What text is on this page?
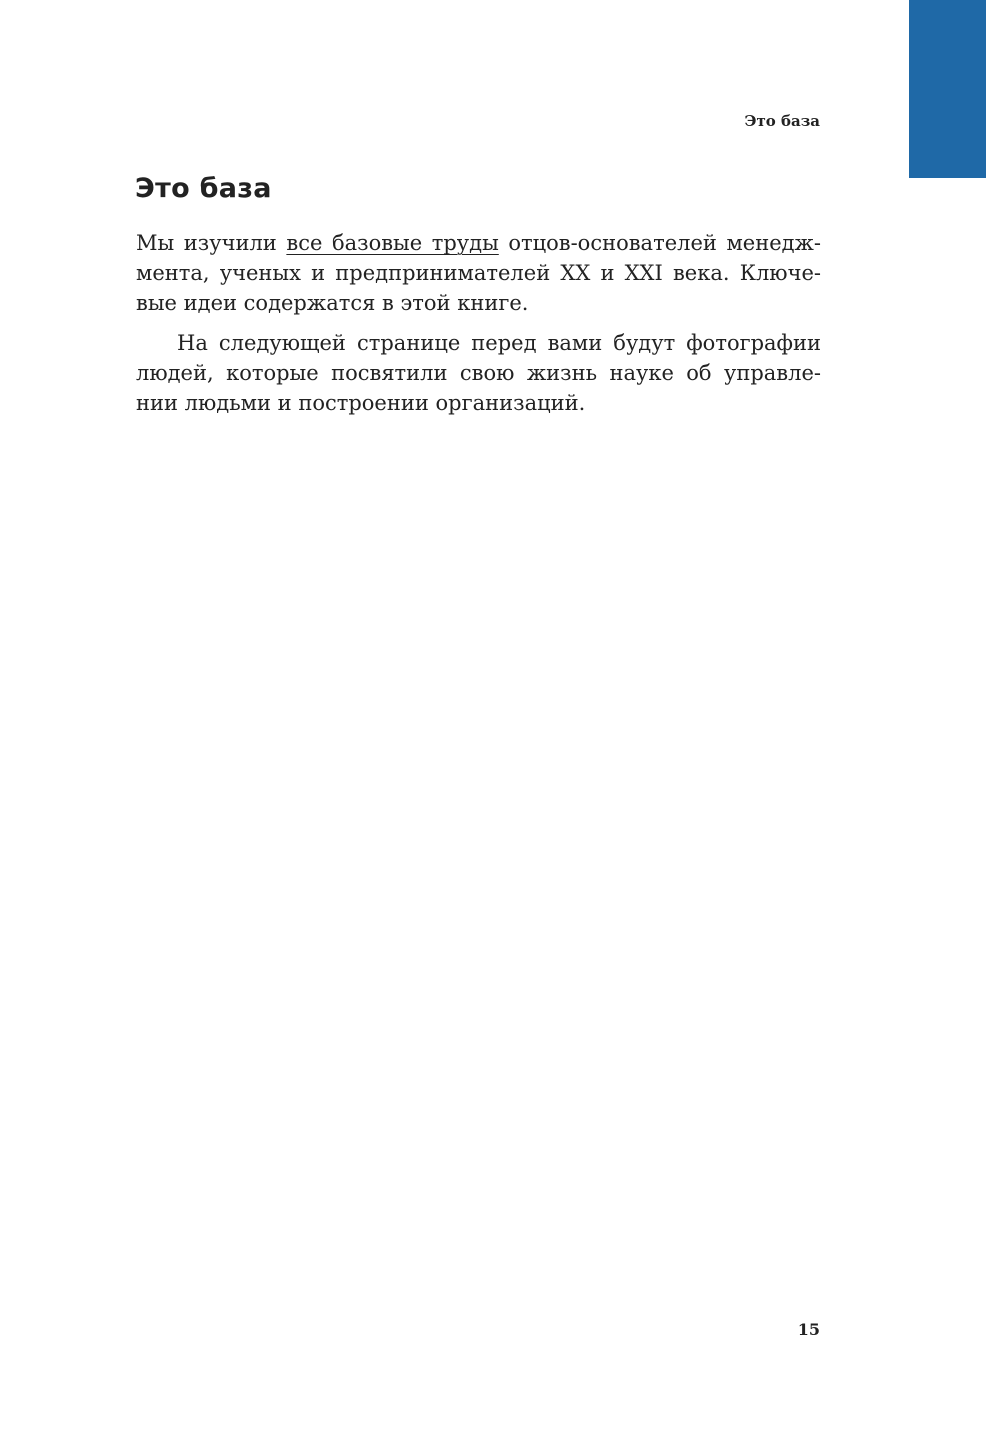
Это база
Это база
Мы изучили все базовые труды отцов-основателей менедж-
мента, ученых и предпринимателей XX и XXI века. Ключе-
вые идеи содержатся в этой книге.
На следующей странице перед вами будут фотографии
людей, которые посвятили свою жизнь науке об управле-
нии людьми и построении организаций.
15
